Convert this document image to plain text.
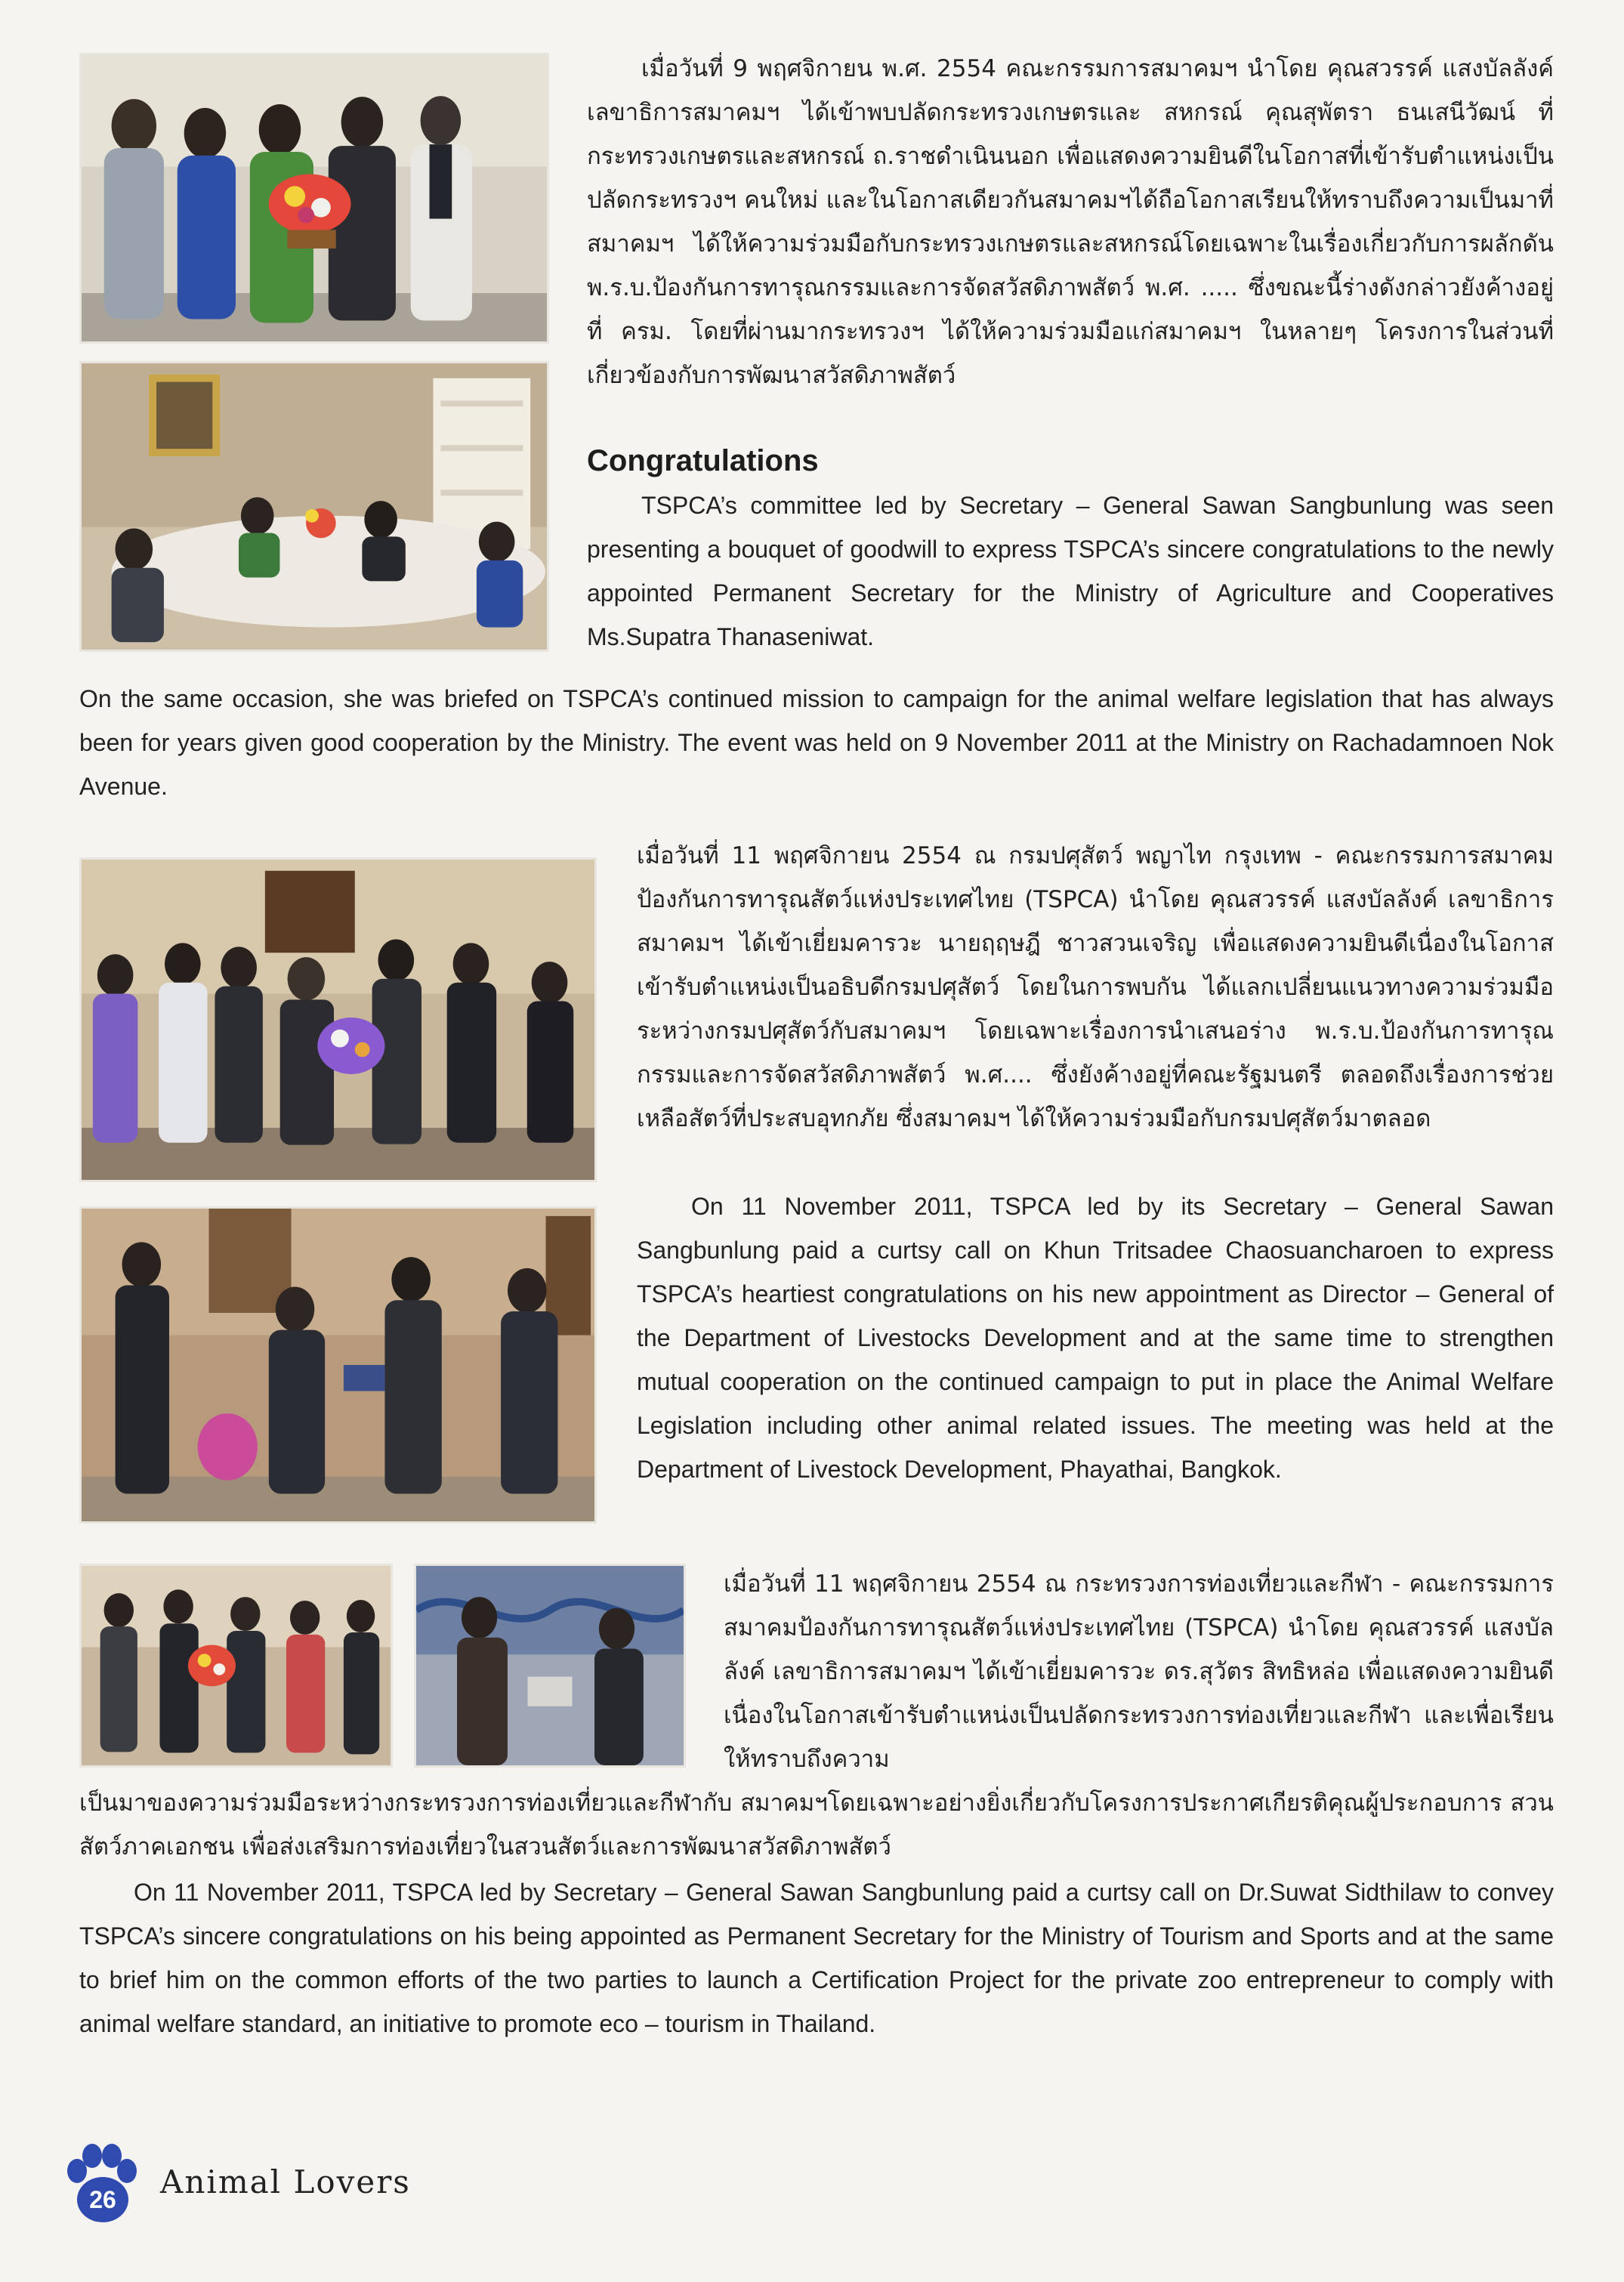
เมื่อวันที่ 9 พฤศจิกายน พ.ศ. 2554 คณะกรรมการสมาคมฯ นำโดย คุณสวรรค์ แสงบัลลังค์ เลขาธิการสมาคมฯ ได้เข้าพบปลัดกระทรวงเกษตรและ สหกรณ์ คุณสุพัตรา ธนเสนีวัฒน์ ที่กระทรวงเกษตรและสหกรณ์ ถ.ราชดำเนินนอก เพื่อแสดงความยินดีในโอกาสที่เข้ารับตำแหน่งเป็นปลัดกระทรวงฯ คนใหม่ และในโอกาสเดียวกันสมาคมฯได้ถือโอกาสเรียนให้ทราบถึงความเป็นมาที่สมาคมฯ ได้ให้ความร่วมมือกับกระทรวงเกษตรและสหกรณ์โดยเฉพาะในเรื่องเกี่ยวกับการผลักดัน พ.ร.บ.ป้องกันการทารุณกรรมและการจัดสวัสดิภาพสัตว์ พ.ศ. ..... ซึ่งขณะนี้ร่างดังกล่าวยังค้างอยู่ที่ ครม. โดยที่ผ่านมากระทรวงฯ ได้ให้ความร่วมมือแก่สมาคมฯ ในหลายๆ โครงการในส่วนที่เกี่ยวข้องกับการพัฒนาสวัสดิภาพสัตว์

Congratulations

TSPCA’s committee led by Secretary – General Sawan Sangbunlung was seen presenting a bouquet of goodwill to express TSPCA’s sincere congratulations to the newly appointed Permanent Secretary for the Ministry of Agriculture and Cooperatives Ms.Supatra Thanaseniwat.

On the same occasion, she was briefed on TSPCA’s continued mission to campaign for the animal welfare legislation that has always been for years given good cooperation by the Ministry. The event was held on 9 November 2011 at the Ministry on Rachadamnoen Nok Avenue.

เมื่อวันที่ 11 พฤศจิกายน 2554 ณ กรมปศุสัตว์ พญาไท กรุงเทพ - คณะกรรมการสมาคมป้องกันการทารุณสัตว์แห่งประเทศไทย (TSPCA) นำโดย คุณสวรรค์ แสงบัลลังค์ เลขาธิการสมาคมฯ ได้เข้าเยี่ยมคารวะ นายฤฤษฎี ชาวสวนเจริญ เพื่อแสดงความยินดีเนื่องในโอกาสเข้ารับตำแหน่งเป็นอธิบดีกรมปศุสัตว์ โดยในการพบกัน ได้แลกเปลี่ยนแนวทางความร่วมมือระหว่างกรมปศุสัตว์กับสมาคมฯ โดยเฉพาะเรื่องการนำเสนอร่าง พ.ร.บ.ป้องกันการทารุณกรรมและการจัดสวัสดิภาพสัตว์ พ.ศ.... ซึ่งยังค้างอยู่ที่คณะรัฐมนตรี ตลอดถึงเรื่องการช่วยเหลือสัตว์ที่ประสบอุทกภัย ซึ่งสมาคมฯ ได้ให้ความร่วมมือกับกรมปศุสัตว์มาตลอด

On 11 November 2011, TSPCA led by its Secretary – General Sawan Sangbunlung paid a curtsy call on Khun Tritsadee Chaosuancharoen to express TSPCA’s heartiest congratulations on his new appointment as Director – General of the Department of Livestocks Development and at the same time to strengthen mutual cooperation on the continued campaign to put in place the Animal Welfare Legislation including other animal related issues. The meeting was held at the Department of Livestock Development, Phayathai, Bangkok.

เมื่อวันที่ 11 พฤศจิกายน 2554 ณ กระทรวงการท่องเที่ยวและกีฬา - คณะกรรมการสมาคมป้องกันการทารุณสัตว์แห่งประเทศไทย (TSPCA) นำโดย คุณสวรรค์ แสงบัลลังค์ เลขาธิการสมาคมฯ ได้เข้าเยี่ยมคารวะ ดร.สุวัตร สิทธิหล่อ เพื่อแสดงความยินดีเนื่องในโอกาสเข้ารับตำแหน่งเป็นปลัดกระทรวงการท่องเที่ยวและกีฬา และเพื่อเรียนให้ทราบถึงความ

เป็นมาของความร่วมมือระหว่างกระทรวงการท่องเที่ยวและกีฬากับ สมาคมฯโดยเฉพาะอย่างยิ่งเกี่ยวกับโครงการประกาศเกียรติคุณผู้ประกอบการ สวนสัตว์ภาคเอกชน เพื่อส่งเสริมการท่องเที่ยวในสวนสัตว์และการพัฒนาสวัสดิภาพสัตว์

On 11 November 2011, TSPCA led by Secretary – General Sawan Sangbunlung paid a curtsy call on Dr.Suwat Sidthilaw to convey TSPCA’s sincere congratulations on his being appointed as Permanent Secretary for the Ministry of Tourism and Sports and at the same to brief him on the common efforts of the two parties to launch a Certification Project for the private zoo entrepreneur to comply with animal welfare standard, an initiative to promote eco – tourism in Thailand.

26 Animal Lovers
